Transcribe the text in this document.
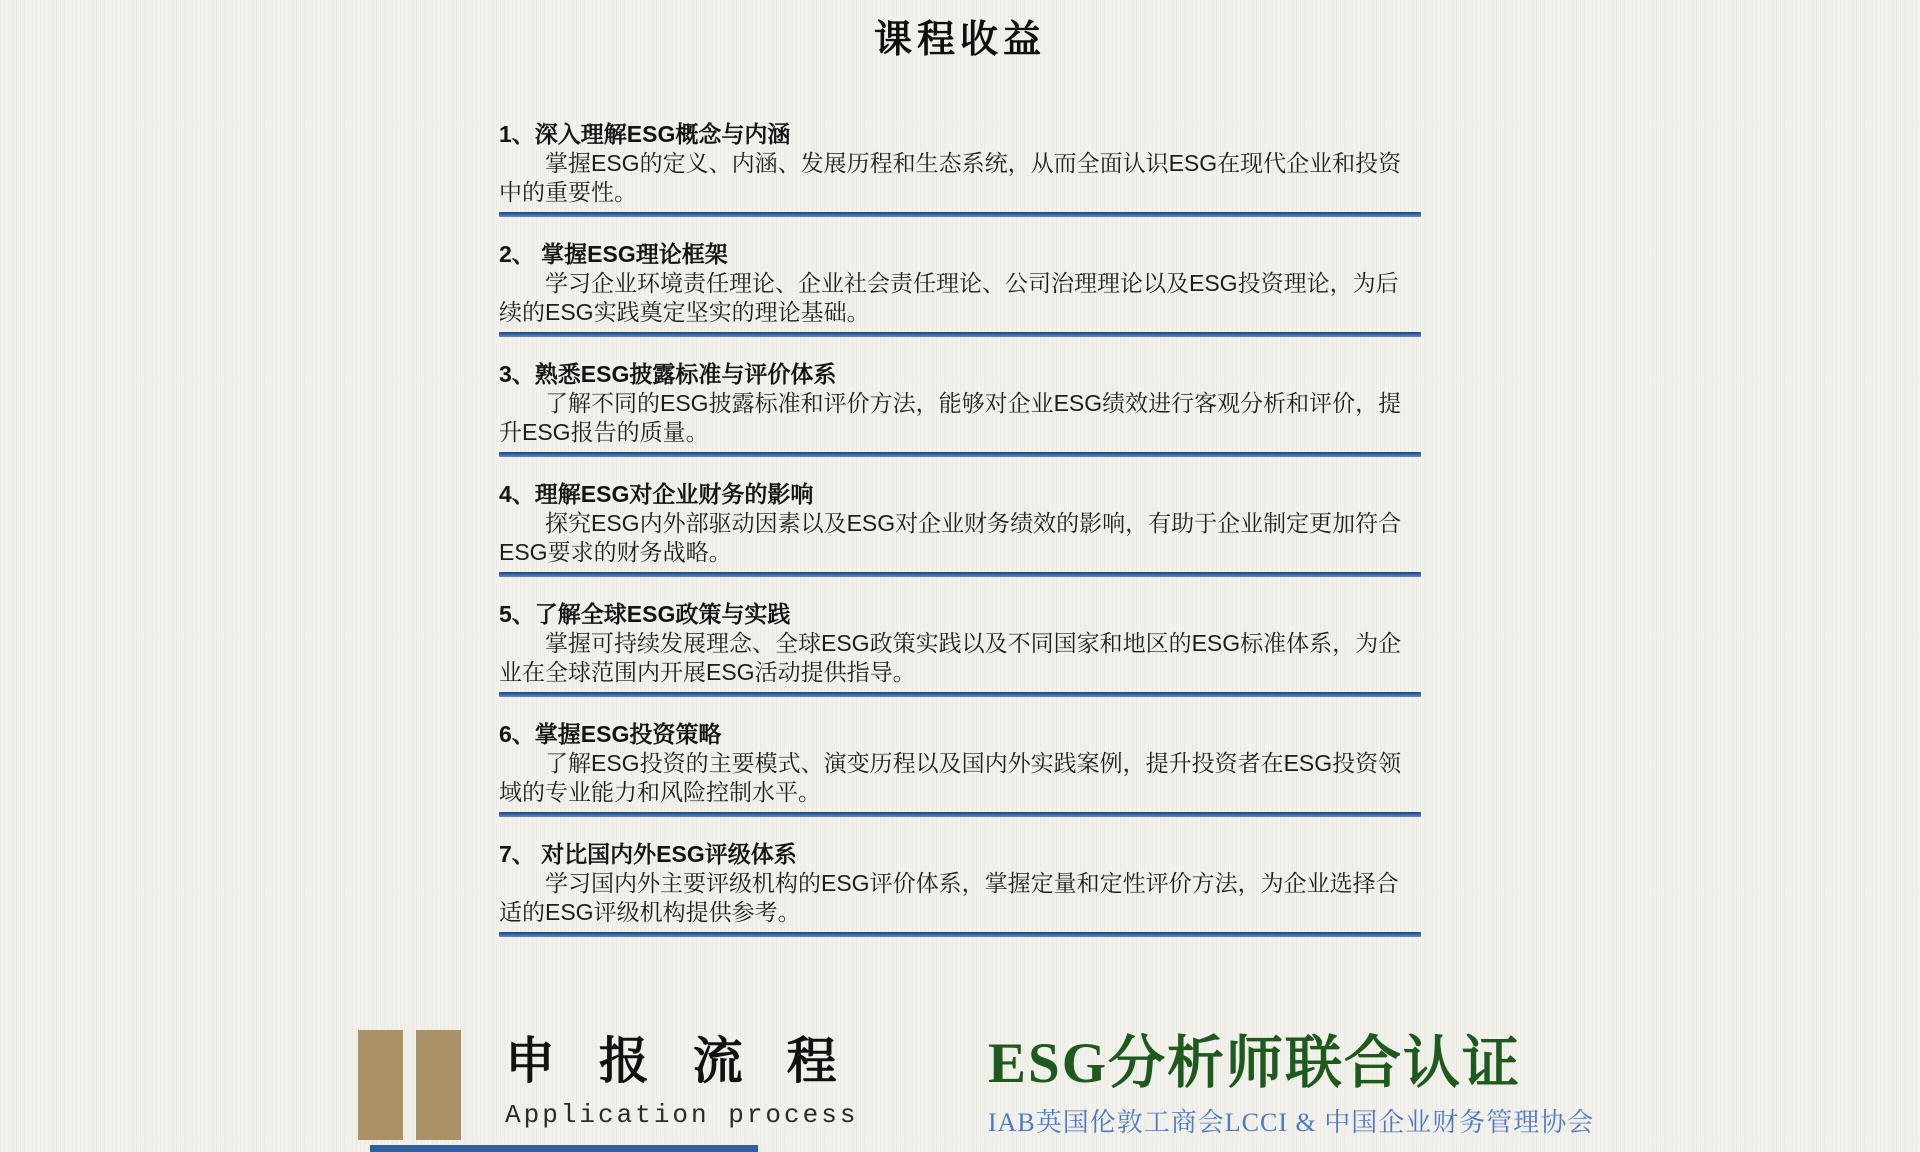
课程收益
1、深入理解ESG概念与内涵

掌握ESG的定义、内涵、发展历程和生态系统，从而全面认识ESG在现代企业和投资中的重要性。

2、 掌握ESG理论框架

学习企业环境责任理论、企业社会责任理论、公司治理理论以及ESG投资理论，为后续的ESG实践奠定坚实的理论基础。

3、熟悉ESG披露标准与评价体系

了解不同的ESG披露标准和评价方法，能够对企业ESG绩效进行客观分析和评价，提升ESG报告的质量。

4、理解ESG对企业财务的影响

探究ESG内外部驱动因素以及ESG对企业财务绩效的影响，有助于企业制定更加符合ESG要求的财务战略。

5、了解全球ESG政策与实践

掌握可持续发展理念、全球ESG政策实践以及不同国家和地区的ESG标准体系，为企业在全球范围内开展ESG活动提供指导。

6、掌握ESG投资策略

了解ESG投资的主要模式、演变历程以及国内外实践案例，提升投资者在ESG投资领域的专业能力和风险控制水平。

7、 对比国内外ESG评级体系

学习国内外主要评级机构的ESG评价体系，掌握定量和定性评价方法，为企业选择合适的ESG评级机构提供参考。

申 报 流 程
Application process
ESG分析师联合认证
IAB英国伦敦工商会LCCI & 中国企业财务管理协会
